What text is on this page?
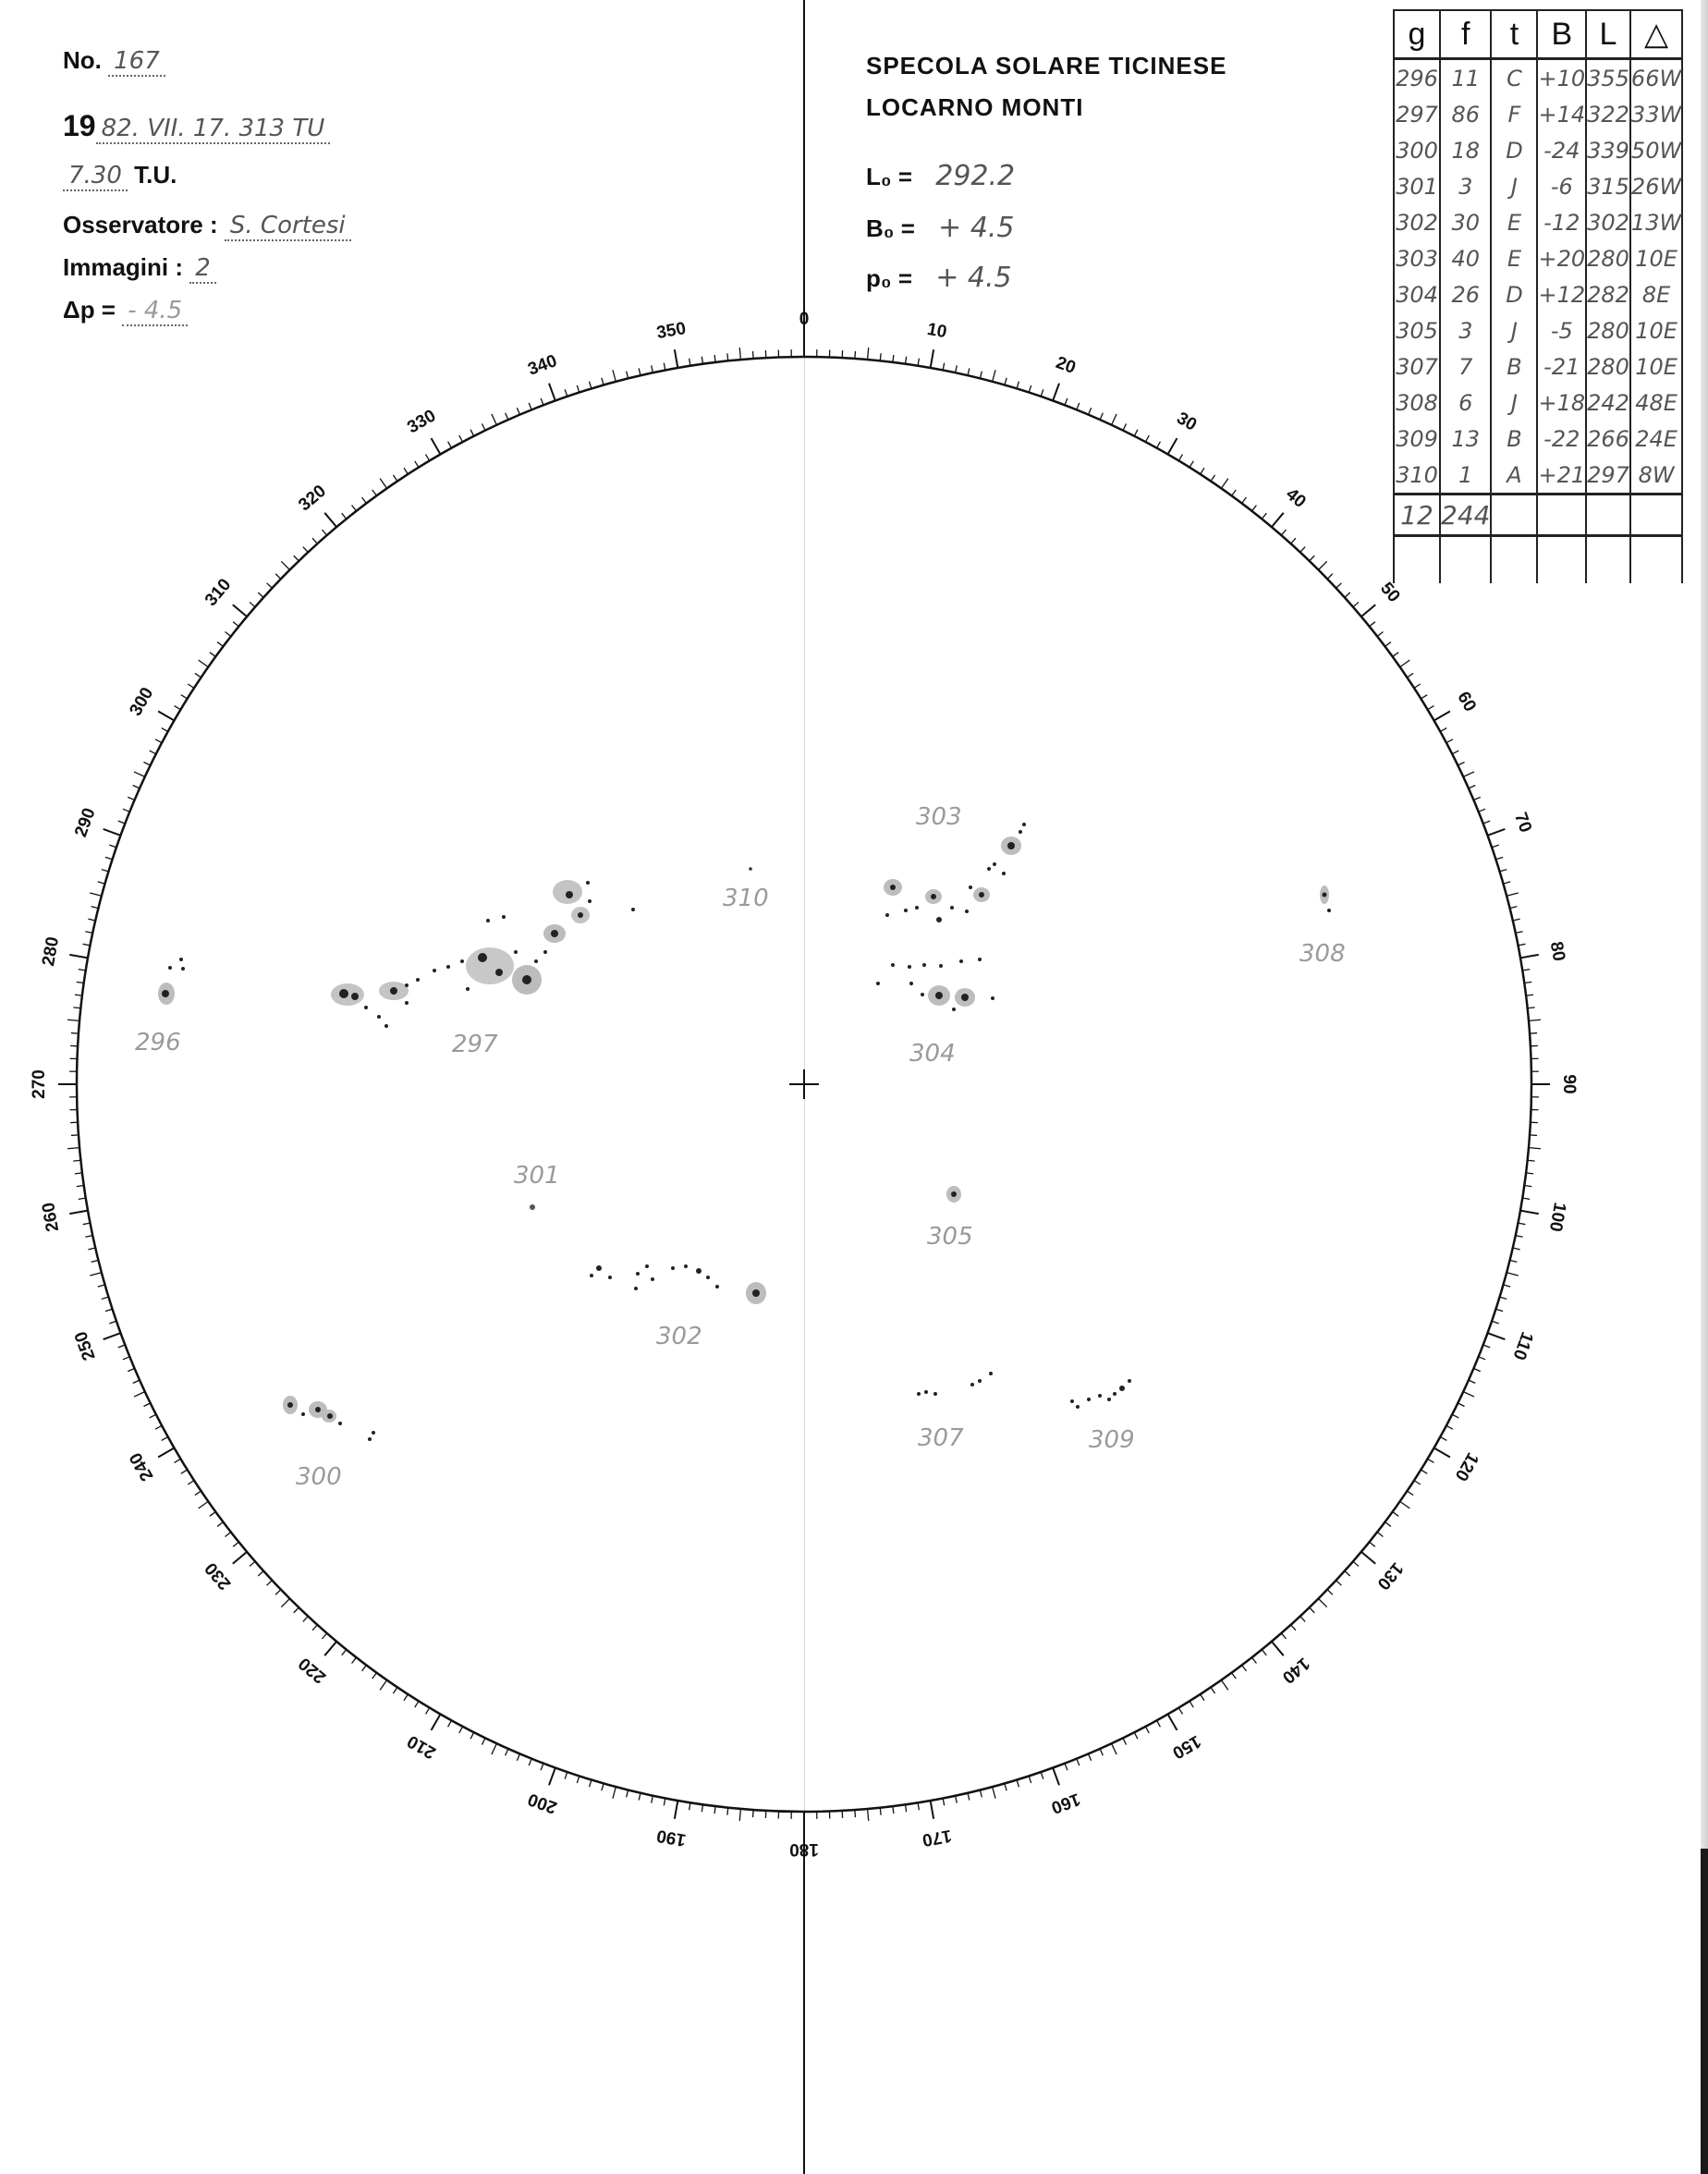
No. 167
19 82. VII. 17. 313 TU
7.30 T.U.
Osservatore : S. Cortesi
Immagini : 2
Δp = - 4.5
SPECOLA SOLARE TICINESE
LOCARNO MONTI
L₀ = 292.2
B₀ = + 4.5
p₀ = + 4.5
0
10
20
30
40
50
60
70
80
90
100
110
120
130
140
150
160
170
180
190
200
210
220
230
240
250
260
270
280
290
300
310
320
330
340
350
296	297
300
301
302
303
304
305
307
308
309
310
g	f	t	B	L	△
296	11	C	+10	355	66W
297	86	F	+14	322	33W
300	18	D	-24	339	50W
301	3	J	-6	315	26W
302	30	E	-12	302	13W
303	40	E	+20	280	10E
304	26	D	+12	282	8E
305	3	J	-5	280	10E
307	7	B	-21	280	10E
308	6	J	+18	242	48E
309	13	B	-22	266	24E
310	1	A	+21	297	8W
12	244				
